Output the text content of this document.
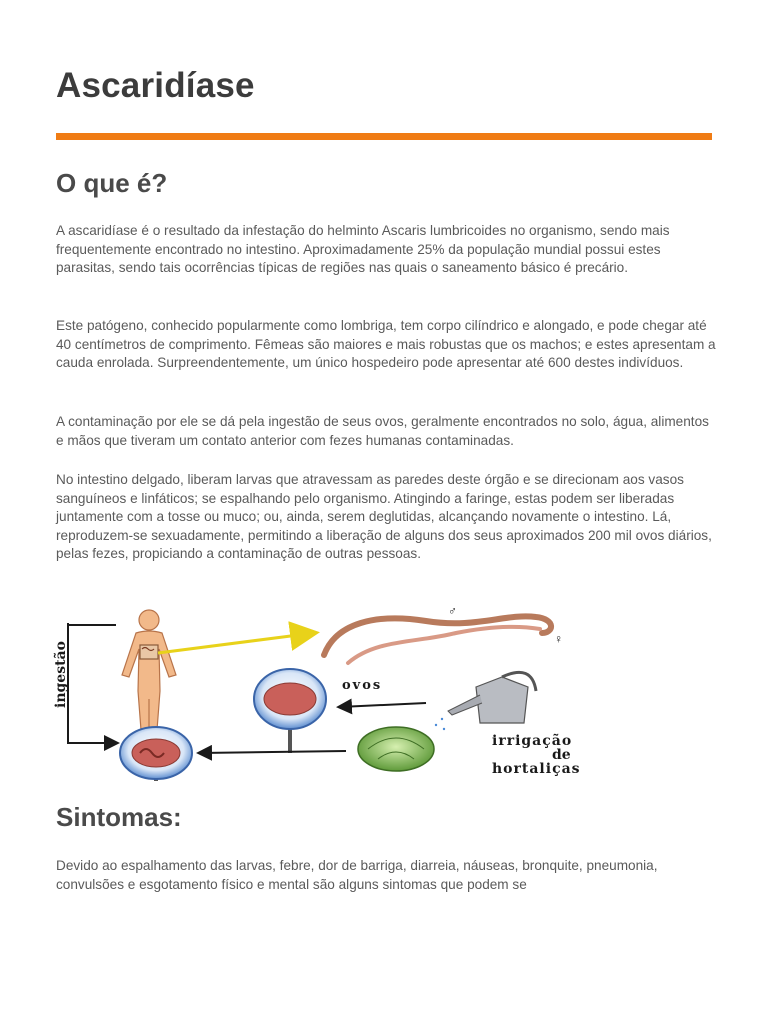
Ascaridíase
O que é?

A ascaridíase é o resultado da infestação do helminto Ascaris lumbricoides no organismo, sendo mais frequentemente encontrado no intestino. Aproximadamente 25% da população mundial possui estes parasitas, sendo tais ocorrências típicas de regiões nas quais o saneamento básico é precário.

Este patógeno, conhecido popularmente como lombriga, tem corpo cilíndrico e alongado, e pode chegar até 40 centímetros de comprimento. Fêmeas são maiores e mais robustas que os machos; e estes apresentam a cauda enrolada. Surpreendentemente, um único hospedeiro pode apresentar até 600 destes indivíduos.

A contaminação por ele se dá pela ingestão de seus ovos, geralmente encontrados no solo, água, alimentos e mãos que tiveram um contato anterior com fezes humanas contaminadas.

No intestino delgado, liberam larvas que atravessam as paredes deste órgão e se direcionam aos vasos sanguíneos e linfáticos; se espalhando pelo organismo. Atingindo a faringe, estas podem ser liberadas juntamente com a tosse ou muco; ou, ainda, serem deglutidas, alcançando novamente o intestino. Lá, reproduzem-se sexuadamente, permitindo a liberação de alguns dos seus aproximados 200 mil ovos diários, pelas fezes, propiciando a contaminação de outras pessoas.

ingestão
♂
♀
ovos
irrigação
de
hortaliças
Sintomas:

Devido ao espalhamento das larvas, febre, dor de barriga, diarreia, náuseas, bronquite, pneumonia, convulsões e esgotamento físico e mental são alguns sintomas que podem se
